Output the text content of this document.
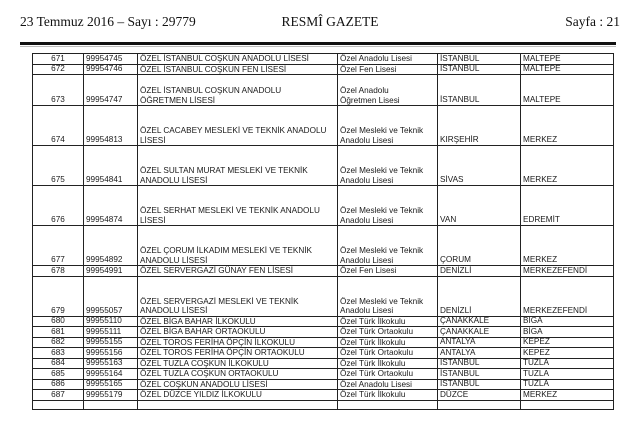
23 Temmuz 2016 – Sayı : 29779	RESMÎ GAZETE	Sayfa : 21
671	99954745	ÖZEL İSTANBUL COŞKUN ANADOLU LİSESİ	Özel Anadolu Lisesi	İSTANBUL	MALTEPE
672	99954746	ÖZEL İSTANBUL COŞKUN FEN LİSESİ	Özel Fen Lisesi	İSTANBUL	MALTEPE
673	99954747	ÖZEL İSTANBUL COŞKUN ANADOLU
ÖĞRETMEN LİSESİ	Özel Anadolu
Öğretmen Lisesi	İSTANBUL	MALTEPE
674	99954813	ÖZEL CACABEY MESLEKİ VE TEKNİK ANADOLU
LİSESİ	Özel Mesleki ve Teknik
Anadolu Lisesi	KIRŞEHİR	MERKEZ
675	99954841	ÖZEL SULTAN MURAT MESLEKİ VE TEKNİK
ANADOLU LİSESİ	Özel Mesleki ve Teknik
Anadolu Lisesi	SİVAS	MERKEZ
676	99954874	ÖZEL SERHAT MESLEKİ VE TEKNİK ANADOLU
LİSESİ	Özel Mesleki ve Teknik
Anadolu Lisesi	VAN	EDREMİT
677	99954892	ÖZEL ÇORUM İLKADIM MESLEKİ VE TEKNİK
ANADOLU LİSESİ	Özel Mesleki ve Teknik
Anadolu Lisesi	ÇORUM	MERKEZ
678	99954991	ÖZEL SERVERGAZİ GÜNAY FEN LİSESİ	Özel Fen Lisesi	DENİZLİ	MERKEZEFENDİ
679	99955057	ÖZEL SERVERGAZİ MESLEKİ VE TEKNİK
ANADOLU LİSESİ	Özel Mesleki ve Teknik
Anadolu Lisesi	DENİZLİ	MERKEZEFENDİ
680	99955110	ÖZEL BİGA BAHAR İLKOKULU	Özel Türk İlkokulu	ÇANAKKALE	BİGA
681	99955111	ÖZEL BİGA BAHAR ORTAOKULU	Özel Türk Ortaokulu	ÇANAKKALE	BİGA
682	99955155	ÖZEL TOROS FERİHA ÖPÇİN İLKOKULU	Özel Türk İlkokulu	ANTALYA	KEPEZ
683	99955156	ÖZEL TOROS FERİHA ÖPÇİN ORTAOKULU	Özel Türk Ortaokulu	ANTALYA	KEPEZ
684	99955163	ÖZEL TUZLA COŞKUN İLKOKULU	Özel Türk İlkokulu	İSTANBUL	TUZLA
685	99955164	ÖZEL TUZLA COŞKUN ORTAOKULU	Özel Türk Ortaokulu	İSTANBUL	TUZLA
686	99955165	ÖZEL COŞKUN ANADOLU LİSESİ	Özel Anadolu Lisesi	İSTANBUL	TUZLA
687	99955179	ÖZEL DÜZCE YILDIZ İLKOKULU	Özel Türk İlkokulu	DÜZCE	MERKEZ
